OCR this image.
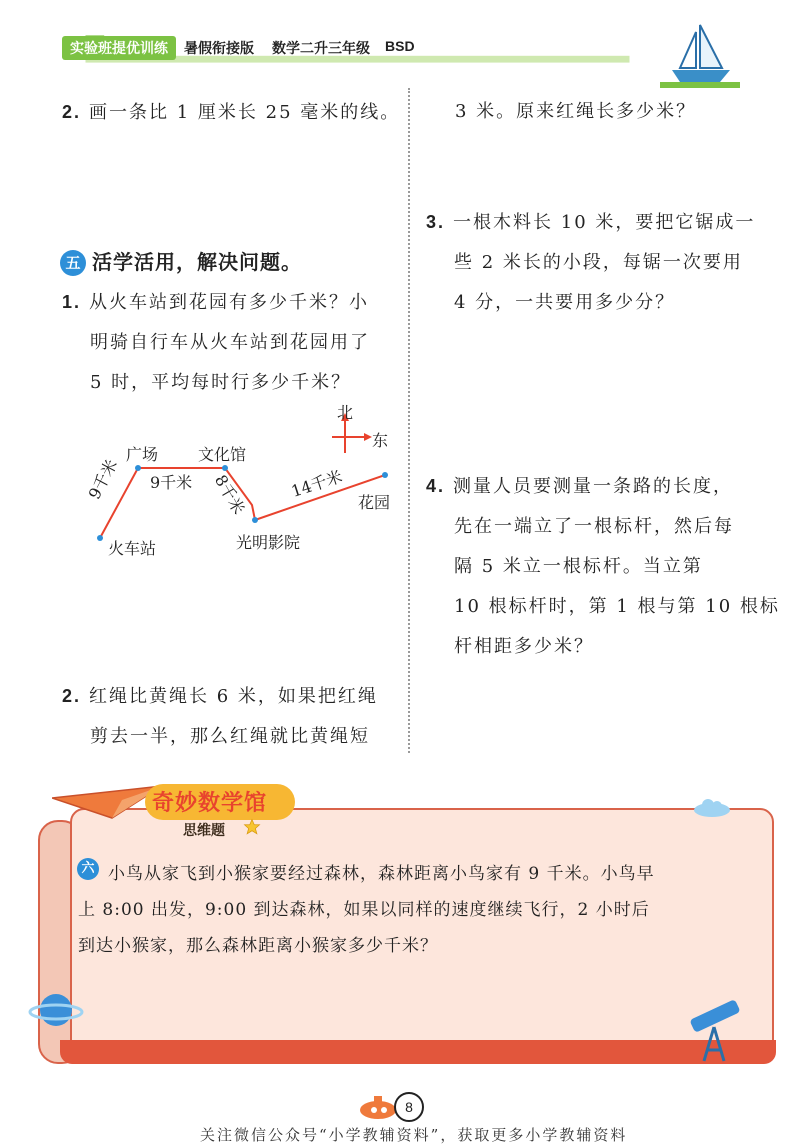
实验班提优训练	暑假衔接版 数学二升三年级 BSD
2. 画一条比 1 厘米长 25 毫米的线。
五 活学活用，解决问题。
1. 从火车站到花园有多少千米？小
明骑自行车从火车站到花园用了
5 时，平均每时行多少千米？
北
东
广场 文化馆
9千米
9千米	8千米	14千米
花园
火车站	光明影院
2. 红绳比黄绳长 6 米，如果把红绳
剪去一半，那么红绳就比黄绳短
3 米。原来红绳长多少米？
3. 一根木料长 10 米，要把它锯成一
些 2 米长的小段，每锯一次要用
4 分，一共要用多少分？
4. 测量人员要测量一条路的长度，
先在一端立了一根标杆，然后每
隔 5 米立一根标杆。当立第
10 根标杆时，第 1 根与第 10 根标
杆相距多少米？
奇妙数学馆
思维题
六 小鸟从家飞到小猴家要经过森林，森林距离小鸟家有 9 千米。小鸟早
上 8:00 出发，9:00 到达森林，如果以同样的速度继续飞行，2 小时后
到达小猴家，那么森林距离小猴家多少千米？
8
关注微信公众号“小学教辅资料”，获取更多小学教辅资料
